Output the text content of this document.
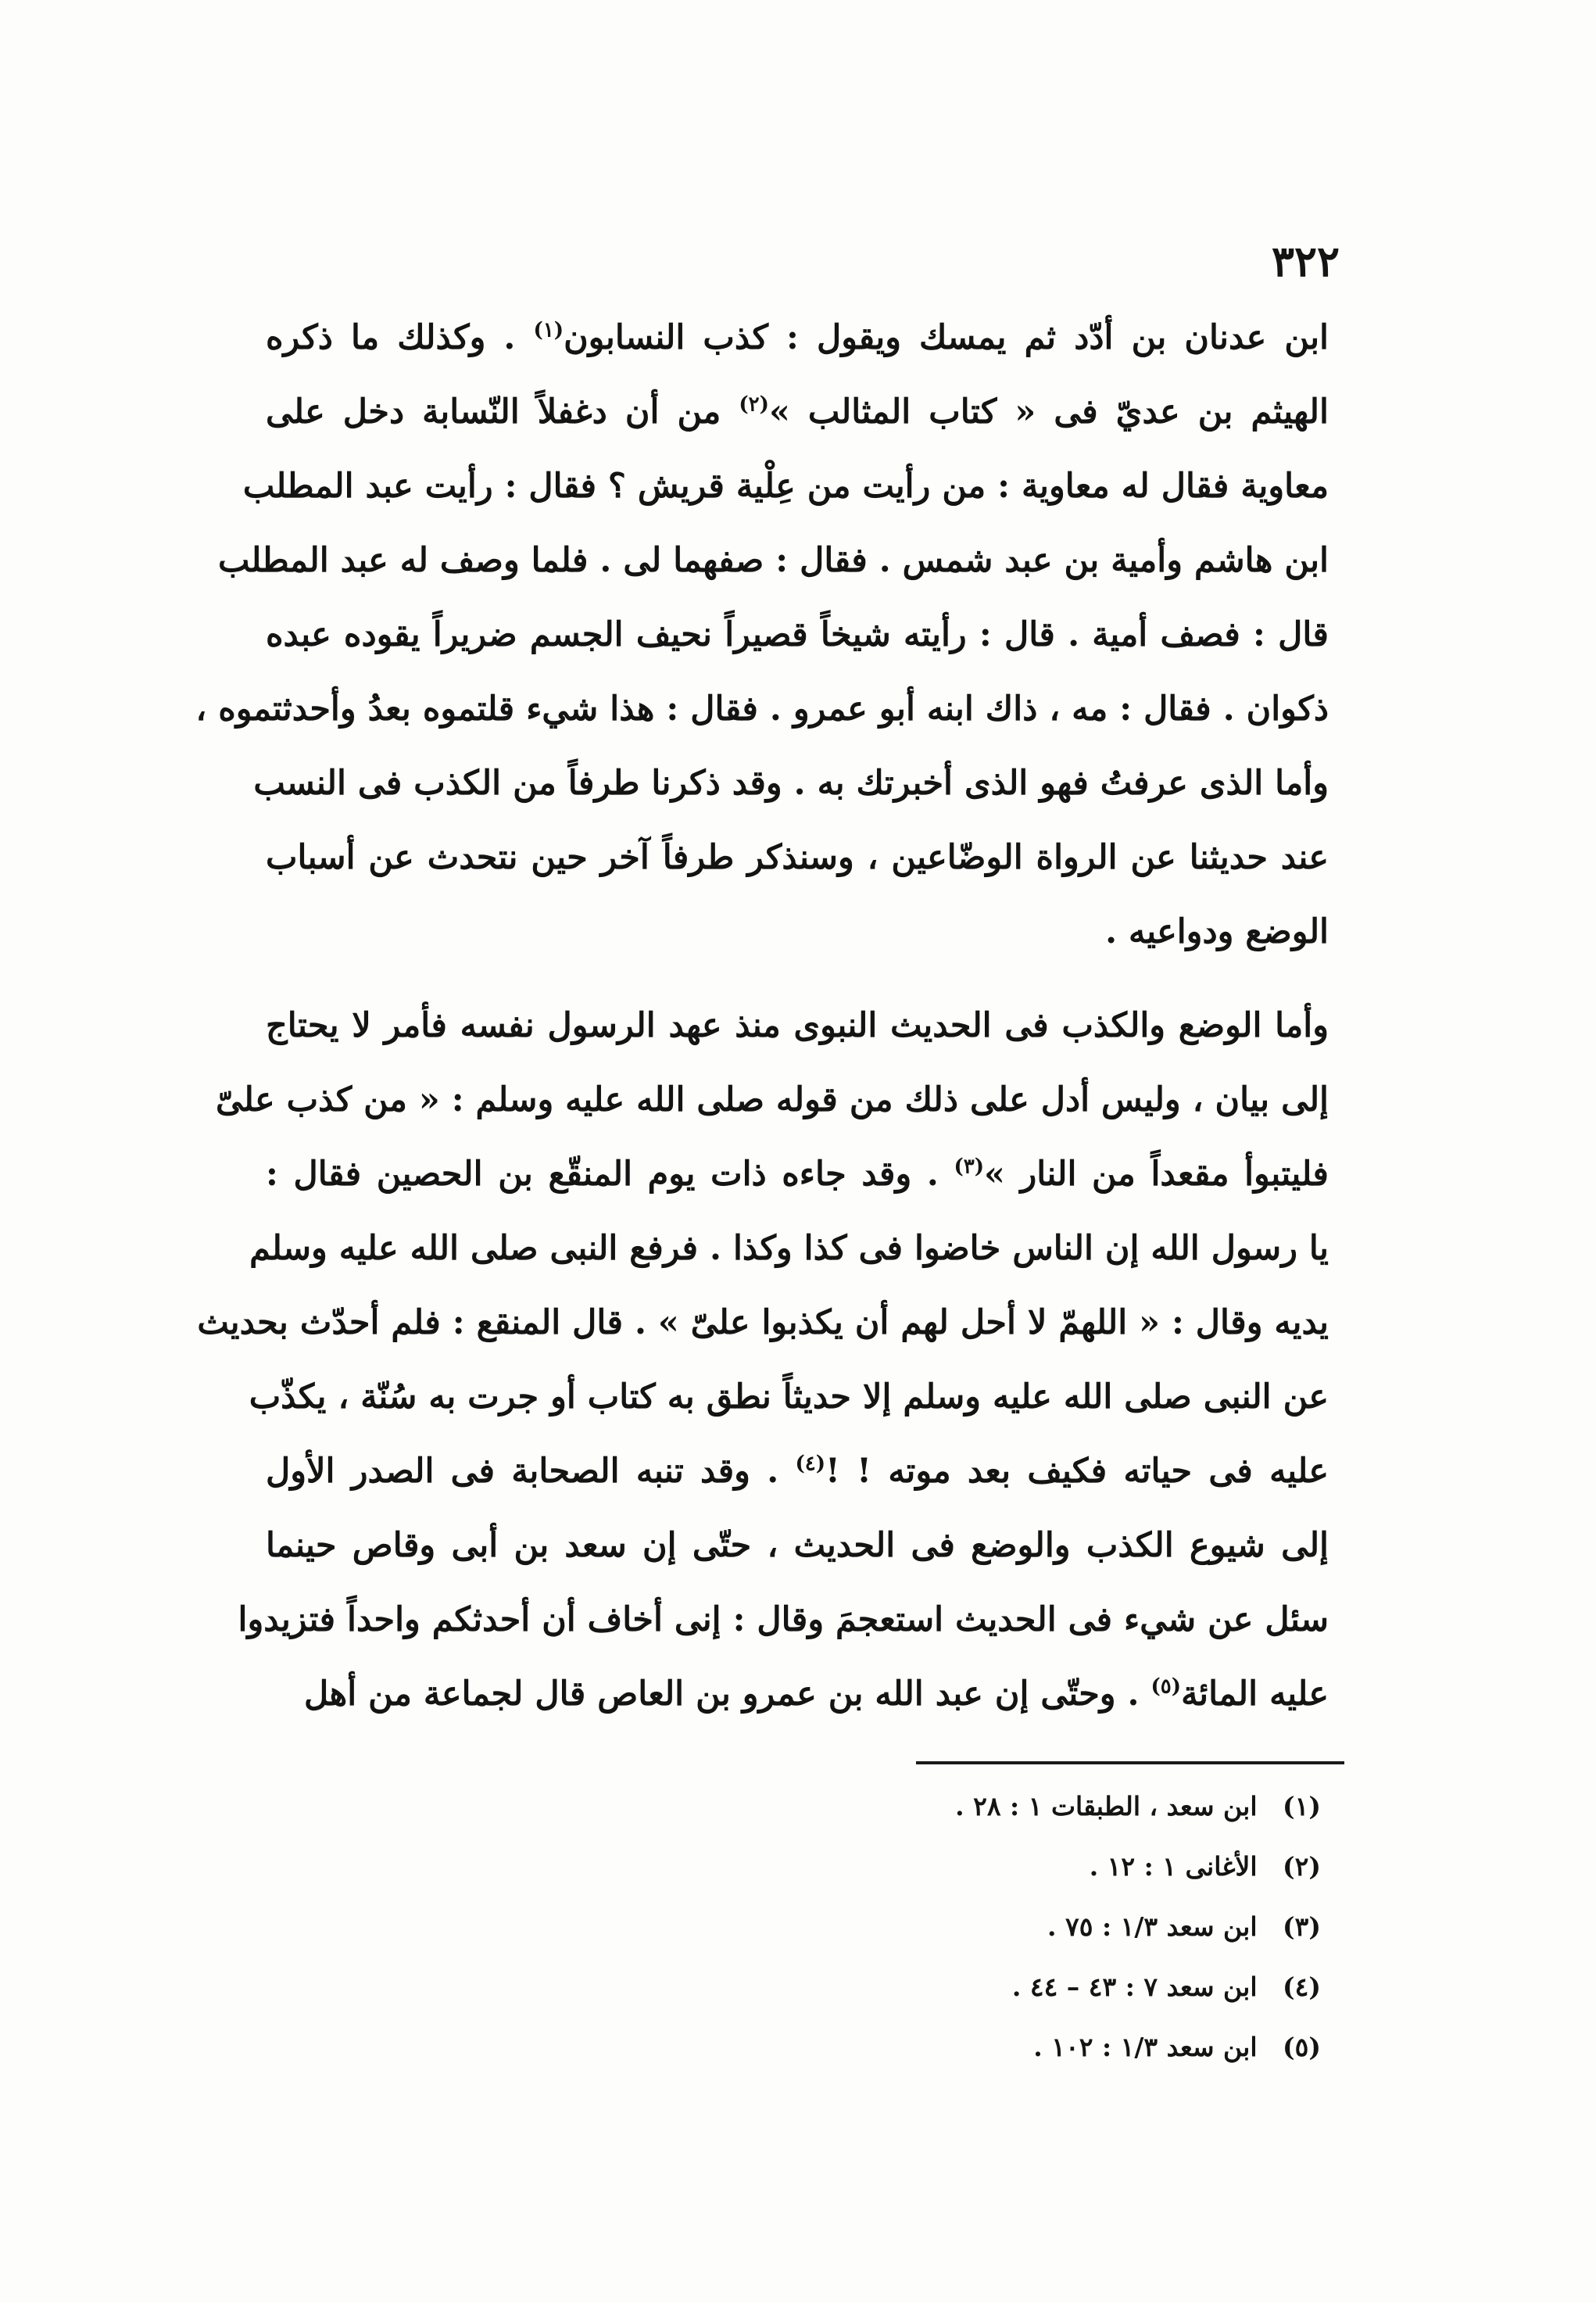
٣٢٢
ابن عدنان بن أدّد ثم يمسك ويقول : كذب النسابون$^{(١)}$ . وكذلك ما ذكره
الهيثم بن عديّ فى « كتاب المثالب »$^{(٢)}$ من أن دغفلاً النّسابة دخل على
معاوية فقال له معاوية : من رأيت من عِلْية قريش ؟ فقال : رأيت عبد المطلب
ابن هاشم وأمية بن عبد شمس . فقال : صفهما لى . فلما وصف له عبد المطلب
قال : فصف أمية . قال : رأيته شيخاً قصيراً نحيف الجسم ضريراً يقوده عبده
ذكوان . فقال : مه ، ذاك ابنه أبو عمرو . فقال : هذا شيء قلتموه بعدُ وأحدثتموه ،
وأما الذى عرفتُ فهو الذى أخبرتك به . وقد ذكرنا طرفاً من الكذب فى النسب
عند حديثنا عن الرواة الوضّاعين ، وسنذكر طرفاً آخر حين نتحدث عن أسباب
الوضع ودواعيه .
وأما الوضع والكذب فى الحديث النبوى منذ عهد الرسول نفسه فأمر لا يحتاج
إلى بيان ، وليس أدل على ذلك من قوله صلى الله عليه وسلم : « من كذب علىّ
فليتبوأ مقعداً من النار »$^{(٣)}$ . وقد جاءه ذات يوم المنقّع بن الحصين فقال :
يا رسول الله إن الناس خاضوا فى كذا وكذا . فرفع النبى صلى الله عليه وسلم
يديه وقال : « اللهمّ لا أحل لهم أن يكذبوا علىّ » . قال المنقع : فلم أحدّث بحديث
عن النبى صلى الله عليه وسلم إلا حديثاً نطق به كتاب أو جرت به سُنّة ، يكذّب
عليه فى حياته فكيف بعد موته ! !$^{(٤)}$ . وقد تنبه الصحابة فى الصدر الأول
إلى شيوع الكذب والوضع فى الحديث ، حتّى إن سعد بن أبى وقاص حينما
سئل عن شيء فى الحديث استعجمَ وقال : إنى أخاف أن أحدثكم واحداً فتزيدوا
عليه المائة$^{(٥)}$ . وحتّى إن عبد الله بن عمرو بن العاص قال لجماعة من أهل
(١) ابن سعد ، الطبقات ١ : ٢٨ .
(٢) الأغانى ١ : ١٢ .
(٣) ابن سعد ١/٣ : ٧٥ .
(٤) ابن سعد ٧ : ٤٣ – ٤٤ .
(٥) ابن سعد ١/٣ : ١٠٢ .
